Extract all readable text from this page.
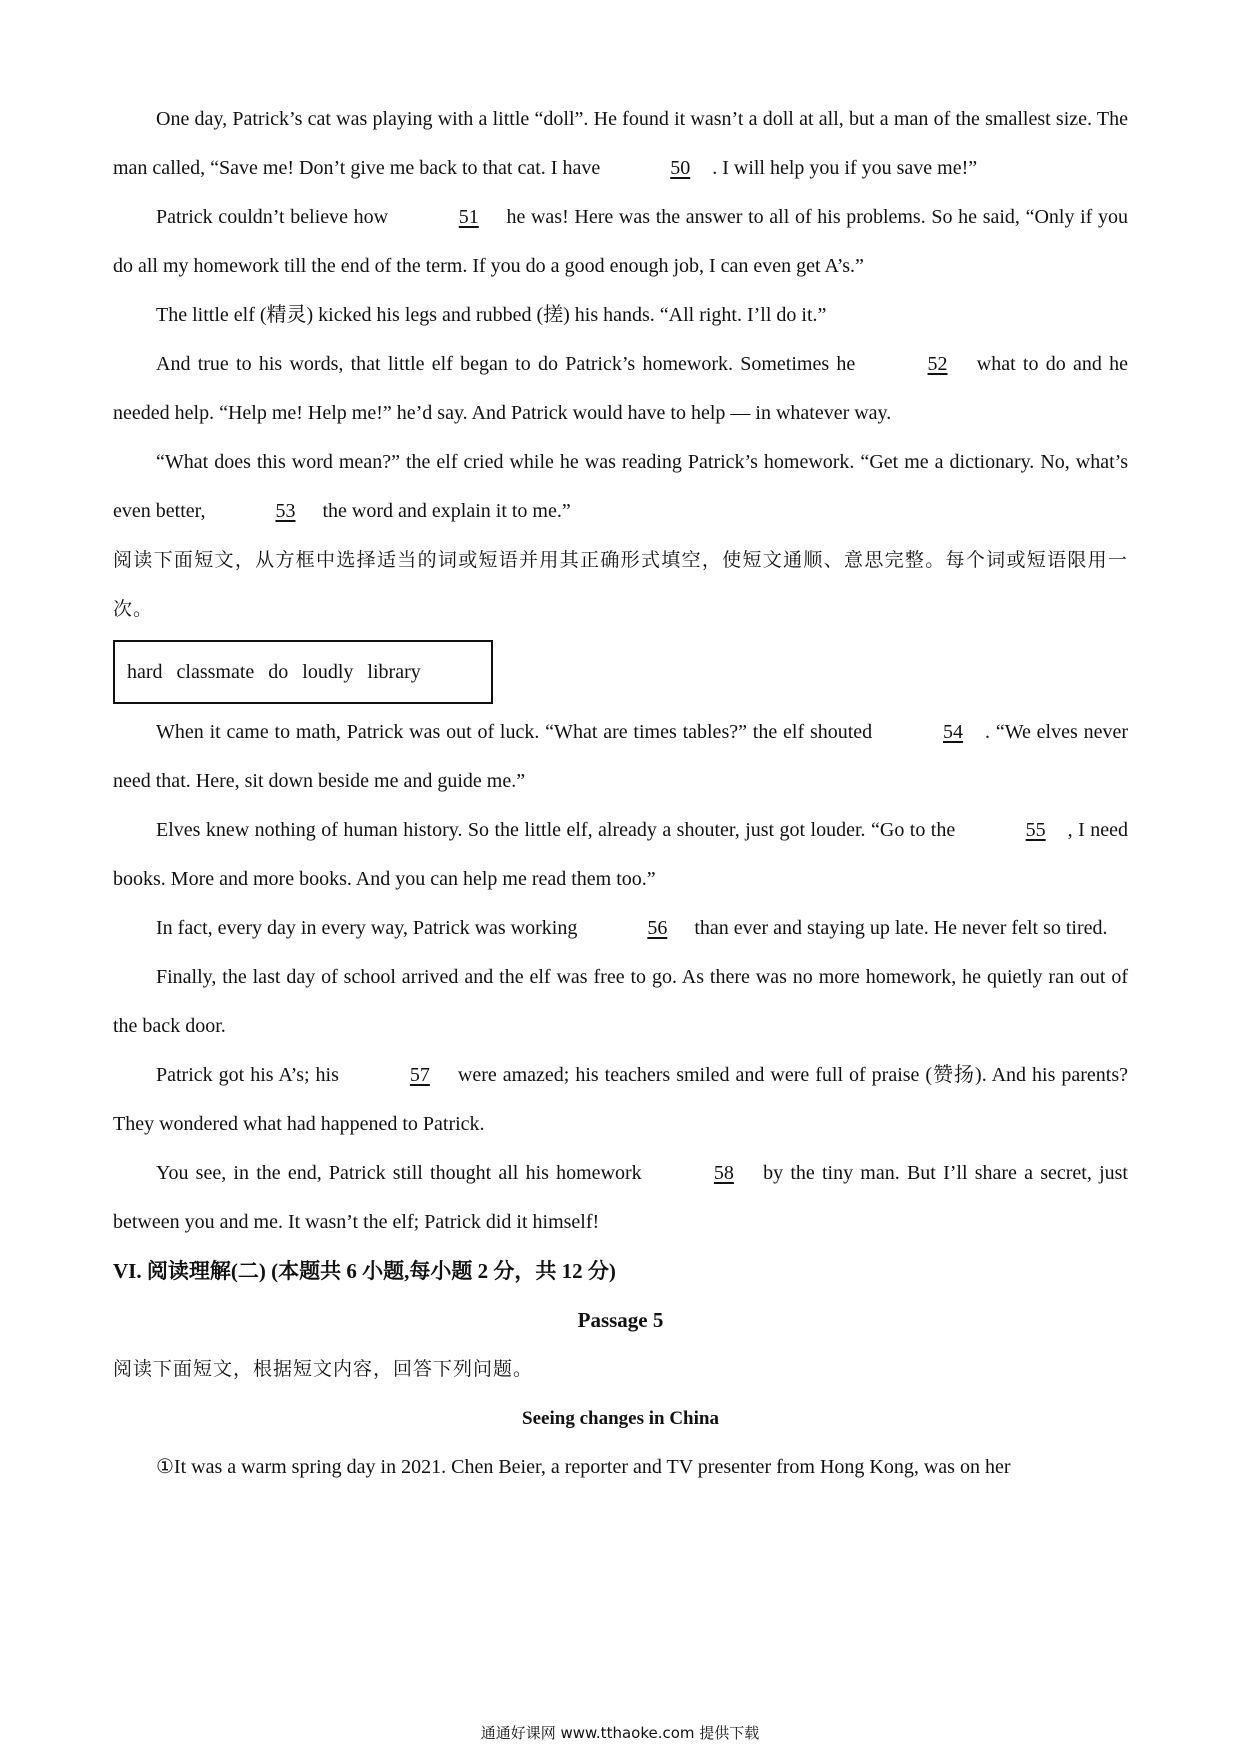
One day, Patrick’s cat was playing with a little “doll”. He found it wasn’t a doll at all, but a man of the smallest size. The man called, “Save me! Don’t give me back to that cat. I have	50 . I will help you if you save me!”

Patrick couldn’t believe how	51 he was! Here was the answer to all of his problems. So he said, “Only if you do all my homework till the end of the term. If you do a good enough job, I can even get A’s.”

The little elf (精灵) kicked his legs and rubbed (搓) his hands. “All right. I’ll do it.”

And true to his words, that little elf began to do Patrick’s homework. Sometimes he	52 what to do and he needed help. “Help me! Help me!” he’d say. And Patrick would have to help — in whatever way.

“What does this word mean?” the elf cried while he was reading Patrick’s homework. “Get me a dictionary. No, what’s even better,	53 the word and explain it to me.”

阅读下面短文，从方框中选择适当的词或短语并用其正确形式填空，使短文通顺、意思完整。每个词或短语限用一次。

hard classmate do loudly library

When it came to math, Patrick was out of luck. “What are times tables?” the elf shouted	54 . “We elves never need that. Here, sit down beside me and guide me.”

Elves knew nothing of human history. So the little elf, already a shouter, just got louder. “Go to the	55 , I need books. More and more books. And you can help me read them too.”

In fact, every day in every way, Patrick was working	56 than ever and staying up late. He never felt so tired.

Finally, the last day of school arrived and the elf was free to go. As there was no more homework, he quietly ran out of the back door.

Patrick got his A’s; his	57 were amazed; his teachers smiled and were full of praise (赞扬). And his parents? They wondered what had happened to Patrick.

You see, in the end, Patrick still thought all his homework	58 by the tiny man. But I’ll share a secret, just between you and me. It wasn’t the elf; Patrick did it himself!

VI. 阅读理解(二) (本题共 6 小题,每小题 2 分，共 12 分)

Passage 5

阅读下面短文，根据短文内容，回答下列问题。

Seeing changes in China

①It was a warm spring day in 2021. Chen Beier, a reporter and TV presenter from Hong Kong, was on her

通通好课网 www.tthaoke.com 提供下载
